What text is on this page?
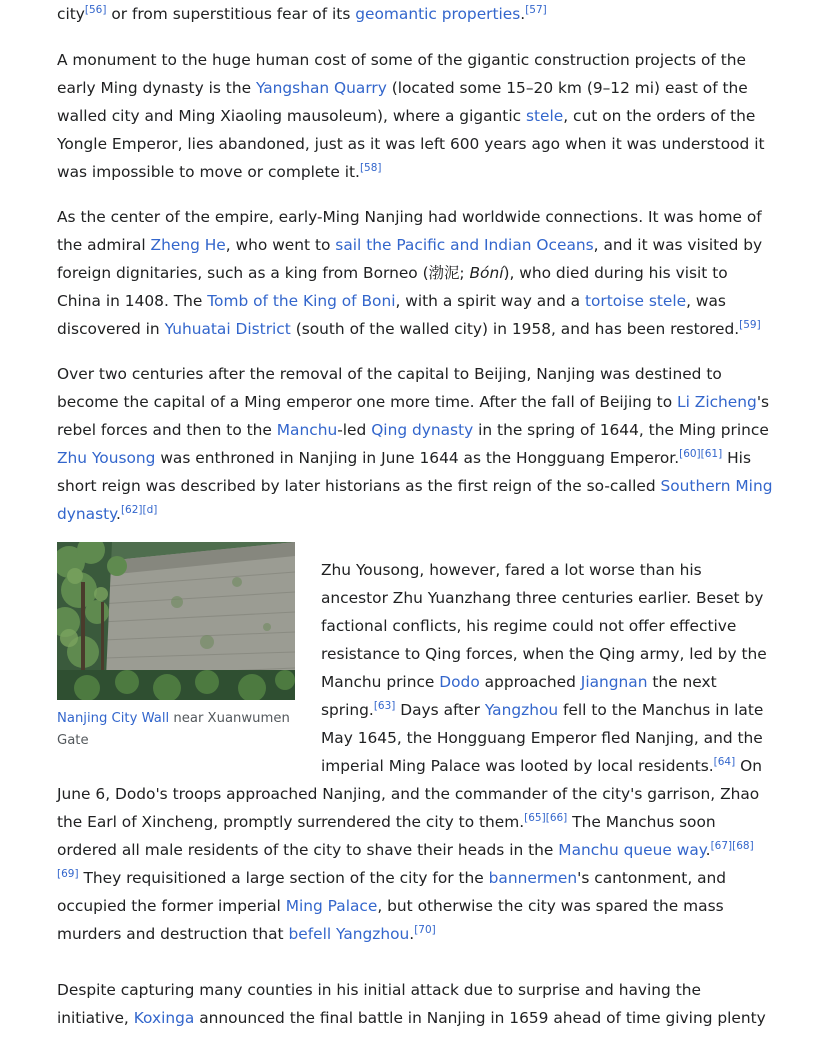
city[56] or from superstitious fear of its geomantic properties.[57]

A monument to the huge human cost of some of the gigantic construction projects of the early Ming dynasty is the Yangshan Quarry (located some 15–20 km (9–12 mi) east of the walled city and Ming Xiaoling mausoleum), where a gigantic stele, cut on the orders of the Yongle Emperor, lies abandoned, just as it was left 600 years ago when it was understood it was impossible to move or complete it.[58]

As the center of the empire, early-Ming Nanjing had worldwide connections. It was home of the admiral Zheng He, who went to sail the Pacific and Indian Oceans, and it was visited by foreign dignitaries, such as a king from Borneo (渤泥; Bóní), who died during his visit to China in 1408. The Tomb of the King of Boni, with a spirit way and a tortoise stele, was discovered in Yuhuatai District (south of the walled city) in 1958, and has been restored.[59]

Over two centuries after the removal of the capital to Beijing, Nanjing was destined to become the capital of a Ming emperor one more time. After the fall of Beijing to Li Zicheng's rebel forces and then to the Manchu-led Qing dynasty in the spring of 1644, the Ming prince Zhu Yousong was enthroned in Nanjing in June 1644 as the Hongguang Emperor.[60][61] His short reign was described by later historians as the first reign of the so-called Southern Ming dynasty.[62][d]

Nanjing City Wall near Xuanwumen Gate

Zhu Yousong, however, fared a lot worse than his ancestor Zhu Yuanzhang three centuries earlier. Beset by factional conflicts, his regime could not offer effective resistance to Qing forces, when the Qing army, led by the Manchu prince Dodo approached Jiangnan the next spring.[63] Days after Yangzhou fell to the Manchus in late May 1645, the Hongguang Emperor fled Nanjing, and the imperial Ming Palace was looted by local residents.[64] On June 6, Dodo's troops approached Nanjing, and the commander of the city's garrison, Zhao the Earl of Xincheng, promptly surrendered the city to them.[65][66] The Manchus soon ordered all male residents of the city to shave their heads in the Manchu queue way.[67][68][69] They requisitioned a large section of the city for the bannermen's cantonment, and occupied the former imperial Ming Palace, but otherwise the city was spared the mass murders and destruction that befell Yangzhou.[70]

Despite capturing many counties in his initial attack due to surprise and having the initiative, Koxinga announced the final battle in Nanjing in 1659 ahead of time giving plenty
